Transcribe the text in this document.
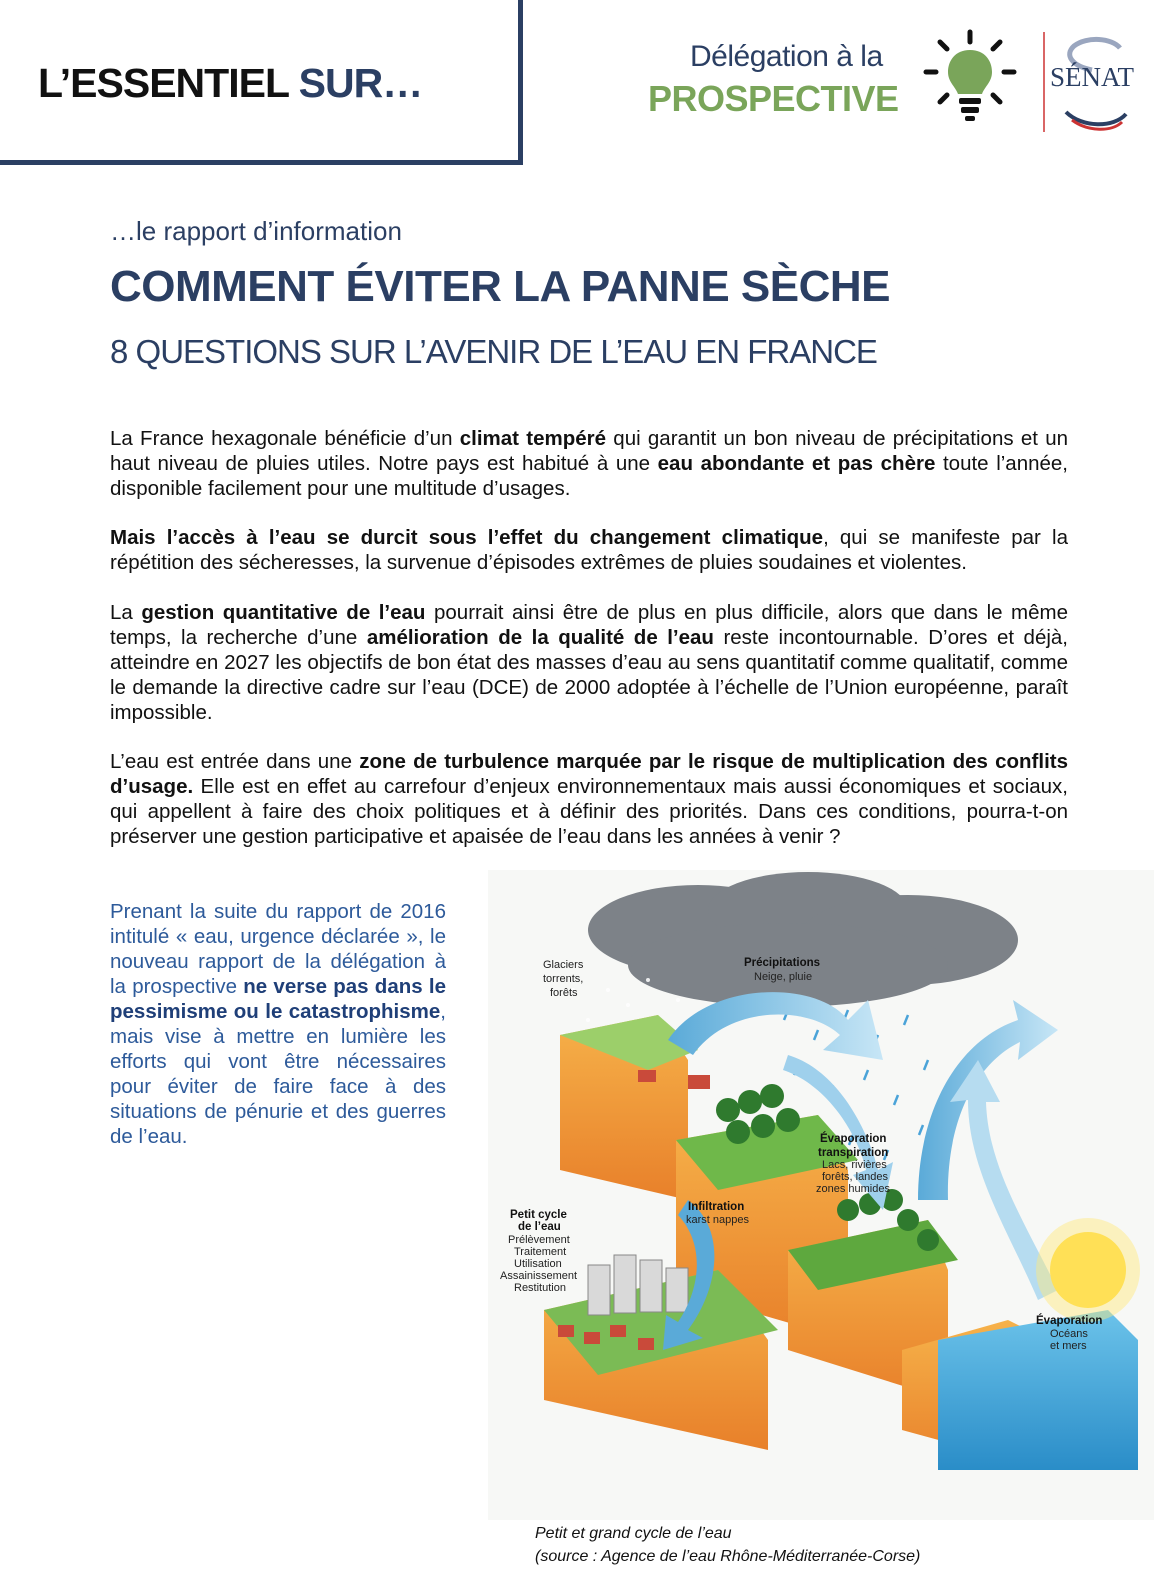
L’ESSENTIEL SUR…
Délégation à la
PROSPECTIVE
SÉNAT
…le rapport d’information
COMMENT ÉVITER LA PANNE SÈCHE
8 QUESTIONS SUR L’AVENIR DE L’EAU EN FRANCE
La France hexagonale bénéficie d’un climat tempéré qui garantit un bon niveau de précipitations et un haut niveau de pluies utiles. Notre pays est habitué à une eau abondante et pas chère toute l’année, disponible facilement pour une multitude d’usages.
Mais l’accès à l’eau se durcit sous l’effet du changement climatique, qui se manifeste par la répétition des sécheresses, la survenue d’épisodes extrêmes de pluies soudaines et violentes.
La gestion quantitative de l’eau pourrait ainsi être de plus en plus difficile, alors que dans le même temps, la recherche d’une amélioration de la qualité de l’eau reste incontournable. D’ores et déjà, atteindre en 2027 les objectifs de bon état des masses d’eau au sens quantitatif comme qualitatif, comme le demande la directive cadre sur l’eau (DCE) de 2000 adoptée à l’échelle de l’Union européenne, paraît impossible.
L’eau est entrée dans une zone de turbulence marquée par le risque de multiplication des conflits d’usage. Elle est en effet au carrefour d’enjeux environnementaux mais aussi économiques et sociaux, qui appellent à faire des choix politiques et à définir des priorités. Dans ces conditions, pourra-t-on préserver une gestion participative et apaisée de l’eau dans les années à venir ?
Prenant la suite du rapport de 2016 intitulé « eau, urgence déclarée », le nouveau rapport de la délégation à la prospective ne verse pas dans le pessimisme ou le catastrophisme, mais vise à mettre en lumière les efforts qui vont être nécessaires pour éviter de faire face à des situations de pénurie et des guerres de l’eau.
Glaciers
torrents,
forêts
Précipitations
Neige, pluie
Évaporation
transpiration
Lacs, rivières
forêts, landes
zones humides
Infiltration
karst nappes
Petit cycle
de l’eau
Prélèvement
Traitement
Utilisation
Assainissement
Restitution
Évaporation
Océans
et mers
Petit et grand cycle de l’eau
(source : Agence de l’eau Rhône-Méditerranée-Corse)
